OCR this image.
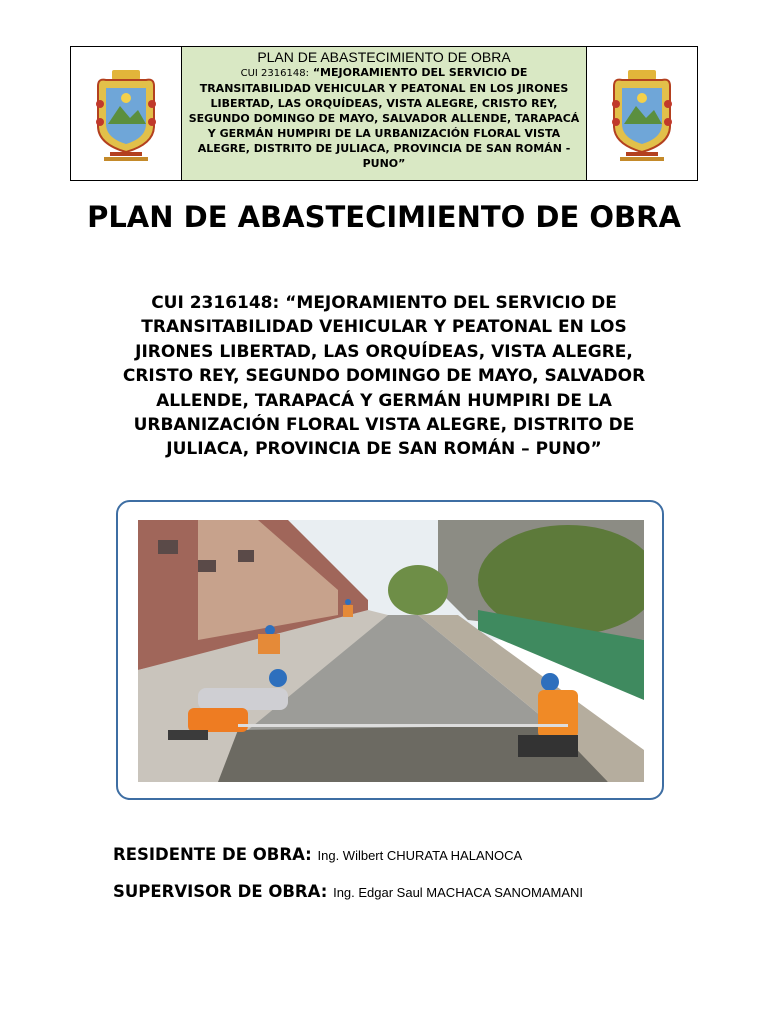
PLAN DE ABASTECIMIENTO DE OBRA
CUI 2316148: “MEJORAMIENTO DEL SERVICIO DE TRANSITABILIDAD VEHICULAR Y PEATONAL EN LOS JIRONES LIBERTAD, LAS ORQUÍDEAS, VISTA ALEGRE, CRISTO REY, SEGUNDO DOMINGO DE MAYO, SALVADOR ALLENDE, TARAPACÁ Y GERMÁN HUMPIRI DE LA URBANIZACIÓN FLORAL VISTA ALEGRE, DISTRITO DE JULIACA, PROVINCIA DE SAN ROMÁN - PUNO”
PLAN DE ABASTECIMIENTO DE OBRA
CUI 2316148: “MEJORAMIENTO DEL SERVICIO DE TRANSITABILIDAD VEHICULAR Y PEATONAL EN LOS JIRONES LIBERTAD, LAS ORQUÍDEAS, VISTA ALEGRE, CRISTO REY, SEGUNDO DOMINGO DE MAYO, SALVADOR ALLENDE, TARAPACÁ Y GERMÁN HUMPIRI DE LA URBANIZACIÓN FLORAL VISTA ALEGRE, DISTRITO DE JULIACA, PROVINCIA DE SAN ROMÁN – PUNO”
RESIDENTE DE OBRA: Ing. Wilbert CHURATA HALANOCA
SUPERVISOR DE OBRA: Ing. Edgar Saul MACHACA SANOMAMANI
